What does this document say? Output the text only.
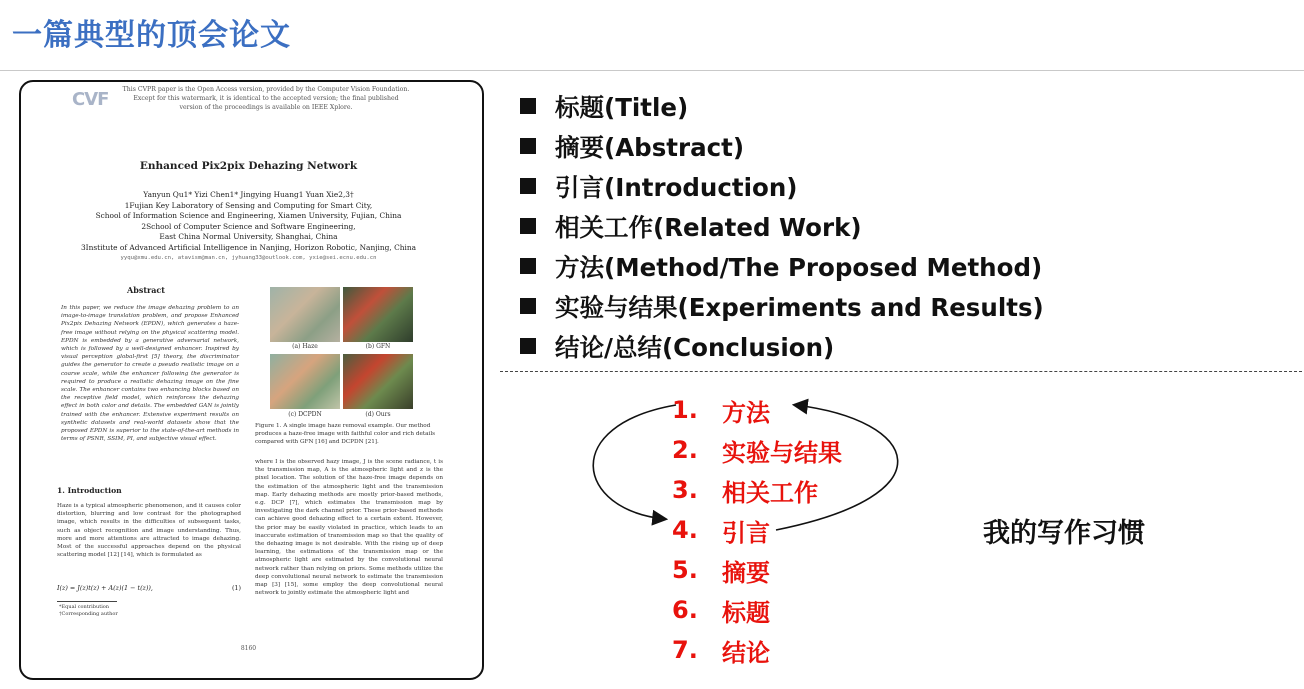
一篇典型的顶会论文
CVF This CVPR paper is the Open Access version, provided by the Computer Vision Foundation. Except for this watermark, it is identical to the accepted version; the final published version of the proceedings is available on IEEE Xplore.
Enhanced Pix2pix Dehazing Network
Yanyun Qu1* Yizi Chen1* Jingying Huang1 Yuan Xie2,3†
1Fujian Key Laboratory of Sensing and Computing for Smart City,
School of Information Science and Engineering, Xiamen University, Fujian, China
2School of Computer Science and Software Engineering,
East China Normal University, Shanghai, China
3Institute of Advanced Artificial Intelligence in Nanjing, Horizon Robotic, Nanjing, China
yyqu@xmu.edu.cn, atavism@man.cn, jyhuang33@outlook.com, yxie@sei.ecnu.edu.cn
Abstract
In this paper, we reduce the image dehazing problem to an image-to-image translation problem, and propose Enhanced Pix2pix Dehazing Network (EPDN), which generates a haze-free image without relying on the physical scattering model. EPDN is embedded by a generative adversarial network, which is followed by a well-designed enhancer. Inspired by visual perception global-first [5] theory, the discriminator guides the generator to create a pseudo realistic image on a coarse scale, while the enhancer following the generator is required to produce a realistic dehazing image on the fine scale. The enhancer contains two enhancing blocks based on the receptive field model, which reinforces the dehazing effect in both color and details. The embedded GAN is jointly trained with the enhancer. Extensive experiment results on synthetic datasets and real-world datasets show that the proposed EPDN is superior to the state-of-the-art methods in terms of PSNR, SSIM, PI, and subjective visual effect.
1. Introduction
Haze is a typical atmospheric phenomenon, and it causes color distortion, blurring and low contrast for the photographed image, which results in the difficulties of subsequent tasks, such as object recognition and image understanding. Thus, more and more attentions are attracted to image dehazing. Most of the successful approaches depend on the physical scattering model [12] [14], which is formulated as
I(z) = J(z)t(z) + A(z)(1 − t(z)),	(1)
*Equal contribution
†Corresponding author
(a) Haze	(b) GFN
(c) DCPDN	(d) Ours
Figure 1. A single image haze removal example. Our method produces a haze-free image with faithful color and rich details compared with GFN [16] and DCPDN [21].
where I is the observed hazy image, J is the scene radiance, t is the transmission map, A is the atmospheric light and z is the pixel location. The solution of the haze-free image depends on the estimation of the atmospheric light and the transmission map. Early dehazing methods are mostly prior-based methods, e.g. DCP [7], which estimates the transmission map by investigating the dark channel prior. These prior-based methods can achieve good dehazing effect to a certain extent. However, the prior may be easily violated in practice, which leads to an inaccurate estimation of transmission map so that the quality of the dehazing image is not desirable. With the rising up of deep learning, the estimations of the transmission map or the atmospheric light are estimated by the convolutional neural network rather than relying on priors. Some methods utilize the deep convolutional neural network to estimate the transmission map [3] [15], some employ the deep convolutional neural network to jointly estimate the atmospheric light and
8160
标题(Title)
摘要(Abstract)
引言(Introduction)
相关工作(Related Work)
方法(Method/The Proposed Method)
实验与结果(Experiments and Results)
结论/总结(Conclusion)
1.	方法
2.	实验与结果
3.	相关工作
4.	引言
5.	摘要
6.	标题
7.	结论
我的写作习惯
